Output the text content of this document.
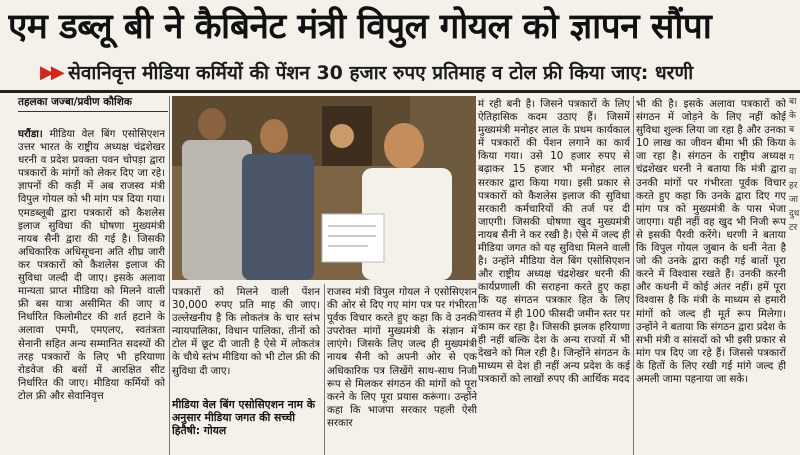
एम डब्लू बी ने कैबिनेट मंत्री विपुल गोयल को ज्ञापन सौंपा
▶▶ सेवानिवृत्त मीडिया कर्मियों की पेंशन 30 हजार रुपए प्रतिमाह व टोल फ्री किया जाए: धरणी
तहलका जज्बा/प्रवीण कौशिक

घरौंडा। मीडिया वेल बिंग एसोसिएशन उत्तर भारत के राष्ट्रीय अध्यक्ष चंद्रशेखर धरनी व प्रदेश प्रवक्ता पवन चोपड़ा द्वारा पत्रकारों के मांगों को लेकर दिए जा रहे। ज्ञापनों की कड़ी में अब राजस्व मंत्री विपुल गोयल को भी मांग पत्र दिया गया। एमडब्लूबी द्वारा पत्रकारों को कैशलेस इलाज सुविधा की घोषणा मुख्यमंत्री नायब सैनी द्वारा की गई है। जिसकी अधिकारिक अधिसूचना अति शीघ्र जारी कर पत्रकारों को कैशलेस इलाज की सुविधा जल्दी दी जाए। इसके अलावा मान्यता प्राप्त मीडिया को मिलने वाली फ्री बस यात्रा असीमित की जाए व निर्धारित किलोमीटर की शर्त हटाने के अलावा एमपी, एमएलए, स्वतंत्रता सेनानी सहित अन्य सम्मानित सदस्यों की तरह पत्रकारों के लिए भी हरियाणा रोडवेज की बसों में आरक्षित सीट निर्धारित की जाए। मीडिया कर्मियों को टोल फ्री और सेवानिवृत्त

पत्रकारों को मिलने वाली पेंशन 30,000 रुपए प्रति माह की जाए। उल्लेखनीय है कि लोकतंत्र के चार स्तंभ न्यायपालिका, विधान पालिका, तीनों को टोल में छूट दी जाती है ऐसे में लोकतंत्र के चौथे स्तंभ मीडिया को भी टोल फ्री की सुविधा दी जाए।

मीडिया वेल बिंग एसोसिएशन नाम के अनुसार मीडिया जगत की सच्ची हितैषी: गोयल

राजस्व मंत्री विपुल गोयल ने एसोसिएशन की ओर से दिए गए मांग पत्र पर गंभीरता पूर्वक विचार करते हुए कहा कि वे उनकी उपरोक्त मांगों मुख्यमंत्री के संज्ञान में लाएंगे। जिसके लिए जल्द ही मुख्यमंत्री नायब सैनी को अपनी ओर से एक अधिकारिक पत्र लिखेंगे साथ-साथ निजी रूप से मिलकर संगठन की मांगों को पूरा करने के लिए पूरा प्रयास करूंगा। उन्होंने कहा कि भाजपा सरकार पहली ऐसी सरकार

मं रही बनी है। जिसने पत्रकारों के लिए ऐतिहासिक कदम उठाए हैं। जिसमें मुख्यमंत्री मनोहर लाल के प्रथम कार्यकाल में पत्रकारों की पेंशन लगाने का कार्य किया गया। उसे 10 हजार रुपए से बढ़ाकर 15 हजार भी मनोहर लाल सरकार द्वारा किया गया। इसी प्रकार से पत्रकारों को कैशलेस इलाज की सुविधा सरकारी कर्मचारियों की तर्ज पर दी जाएगी। जिसकी घोषणा खुद मुख्यमंत्री नायब सैनी ने कर रखी है। ऐसे में जल्द ही मीडिया जगत को यह सुविधा मिलने वाली है। उन्होंने मीडिया वेल बिंग एसोसिएशन और राष्ट्रीय अध्यक्ष चंद्रशेखर धरनी की कार्यप्रणाली की सराहना करते हुए कहा कि यह संगठन पत्रकार हित के लिए वास्तव में ही 100 फीसदी जमीन स्तर पर काम कर रहा है। जिसकी झलक हरियाणा ही नहीं बल्कि देश के अन्य राज्यों में भी देखने को मिल रही है। जिन्होंने संगठन के माध्यम से देश ही नहीं अन्य प्रदेश के कई पत्रकारों को लाखों रुपए की आर्थिक मदद

भी की है। इसके अलावा पत्रकारों को संगठन में जोड़ने के लिए नहीं कोई सुविधा शुल्क लिया जा रहा है और उनका 10 लाख का जीवन बीमा भी फ्री किया जा रहा है। संगठन के राष्ट्रीय अध्यक्ष चंद्रशेखर धरनी ने बताया कि मंत्री द्वारा उनकी मांगों पर गंभीरता पूर्वक विचार करते हुए कहा कि उनके द्वारा दिए गए मांग पत्र को मुख्यमंत्री के पास भेजा जाएगा। यही नहीं वह खुद भी निजी रूप से इसकी पैरवी करेंगे। धरणी ने बताया कि विपुल गोयल जुबान के धनी नेता है जो की उनके द्वारा कही गई बातों पूरा करने में विश्वास रखते हैं। उनकी करनी और कथनी में कोई अंतर नहीं। हमें पूरा विश्वास है कि मंत्री के माध्यम से हमारी मांगों को जल्द ही मूर्त रूप मिलेगा। उन्होंने ने बताया कि संगठन द्वारा प्रदेश के सभी मंत्री व सांसदों को भी इसी प्रकार से मांग पत्र दिए जा रहे हैं। जिससे पत्रकारों के हितों के लिए रखी गई मांगे जल्द ही अमली जामा पहनाया जा सके।

बा के ब के ग वा हर जा दुध टर
